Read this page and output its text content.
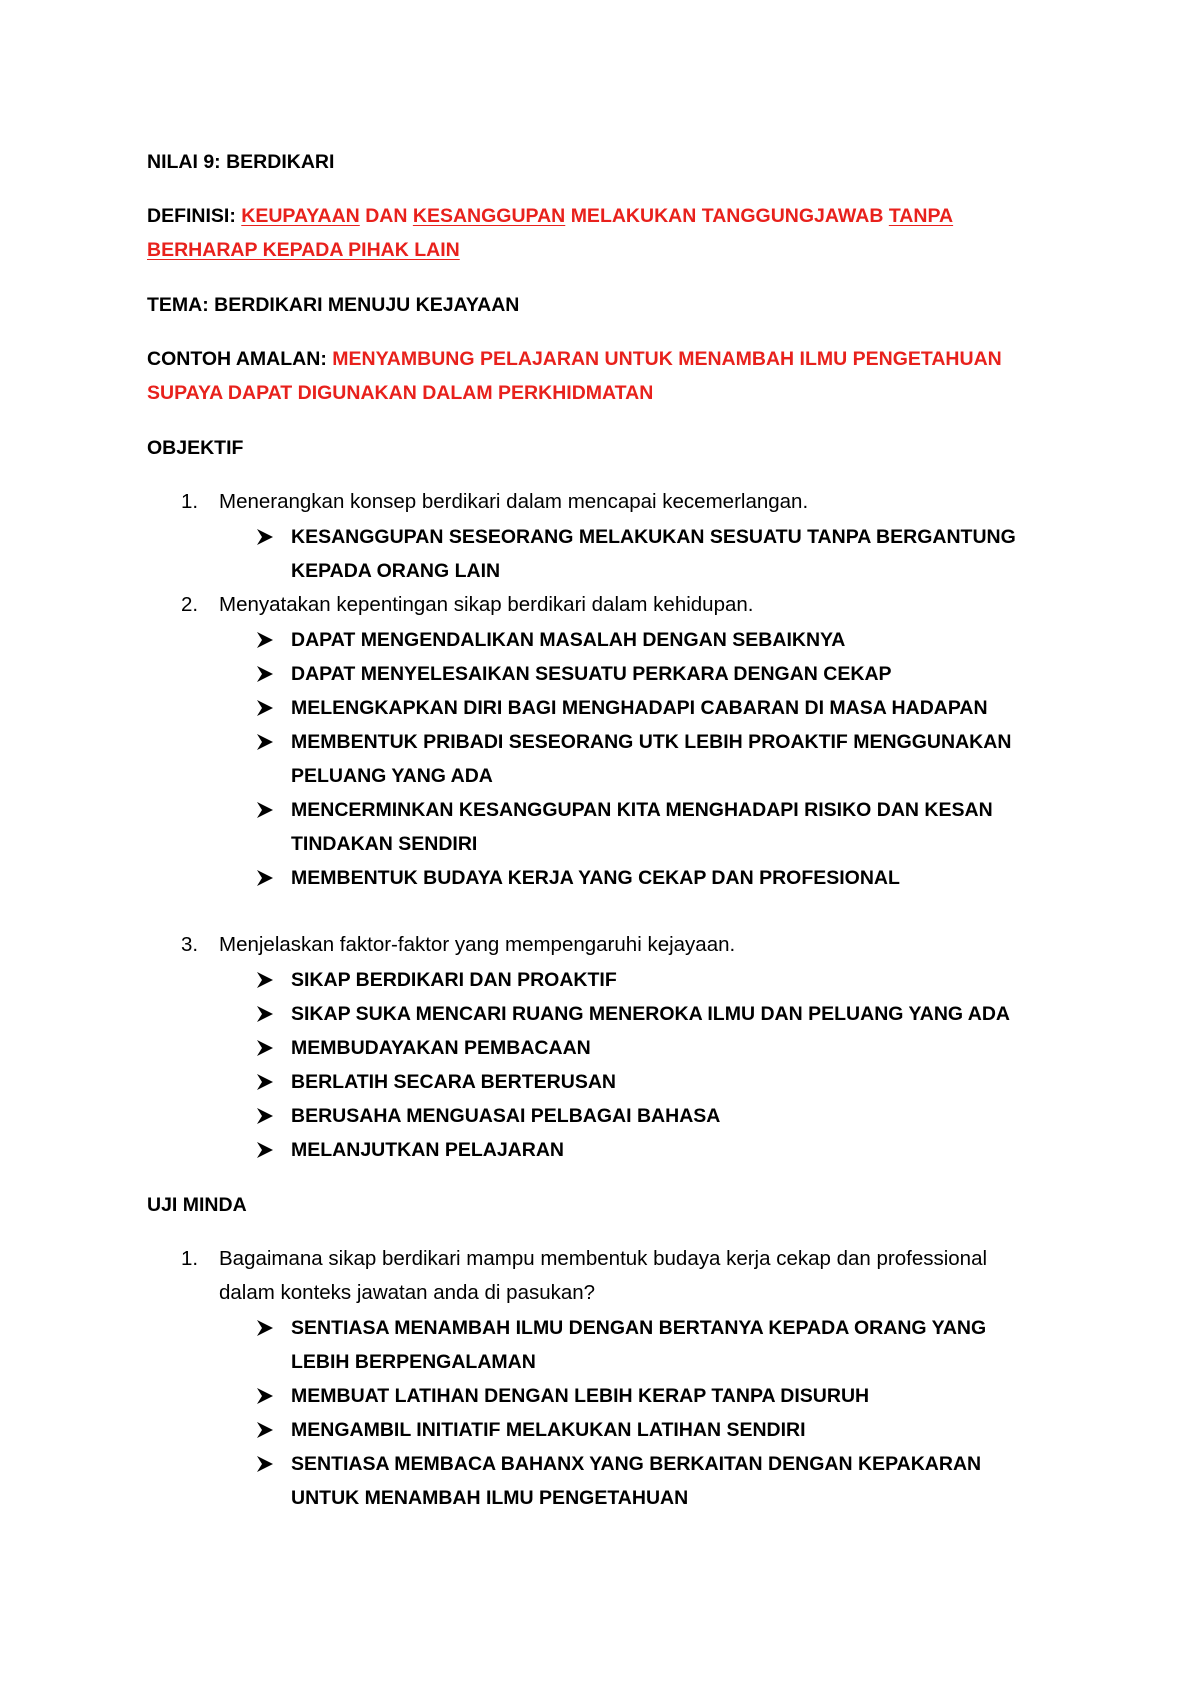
NILAI 9: BERDIKARI
DEFINISI: KEUPAYAAN DAN KESANGGUPAN MELAKUKAN TANGGUNGJAWAB TANPA
BERHARAP KEPADA PIHAK LAIN
TEMA: BERDIKARI MENUJU KEJAYAAN
CONTOH AMALAN: MENYAMBUNG PELAJARAN UNTUK MENAMBAH ILMU PENGETAHUAN
SUPAYA DAPAT DIGUNAKAN DALAM PERKHIDMATAN
OBJEKTIF
1. Menerangkan konsep berdikari dalam mencapai kecemerlangan.
KESANGGUPAN SESEORANG MELAKUKAN SESUATU TANPA BERGANTUNG
KEPADA ORANG LAIN
2. Menyatakan kepentingan sikap berdikari dalam kehidupan.
DAPAT MENGENDALIKAN MASALAH DENGAN SEBAIKNYA
DAPAT MENYELESAIKAN SESUATU PERKARA DENGAN CEKAP
MELENGKAPKAN DIRI BAGI MENGHADAPI CABARAN DI MASA HADAPAN
MEMBENTUK PRIBADI SESEORANG UTK LEBIH PROAKTIF MENGGUNAKAN
PELUANG YANG ADA
MENCERMINKAN KESANGGUPAN KITA MENGHADAPI RISIKO DAN KESAN
TINDAKAN SENDIRI
MEMBENTUK BUDAYA KERJA YANG CEKAP DAN PROFESIONAL
3. Menjelaskan faktor-faktor yang mempengaruhi kejayaan.
SIKAP BERDIKARI DAN PROAKTIF
SIKAP SUKA MENCARI RUANG MENEROKA ILMU DAN PELUANG YANG ADA
MEMBUDAYAKAN PEMBACAAN
BERLATIH SECARA BERTERUSAN
BERUSAHA MENGUASAI PELBAGAI BAHASA
MELANJUTKAN PELAJARAN
UJI MINDA
1. Bagaimana sikap berdikari mampu membentuk budaya kerja cekap dan professional
dalam konteks jawatan anda di pasukan?
SENTIASA MENAMBAH ILMU DENGAN BERTANYA KEPADA ORANG YANG
LEBIH BERPENGALAMAN
MEMBUAT LATIHAN DENGAN LEBIH KERAP TANPA DISURUH
MENGAMBIL INITIATIF MELAKUKAN LATIHAN SENDIRI
SENTIASA MEMBACA BAHANX YANG BERKAITAN DENGAN KEPAKARAN
UNTUK MENAMBAH ILMU PENGETAHUAN
